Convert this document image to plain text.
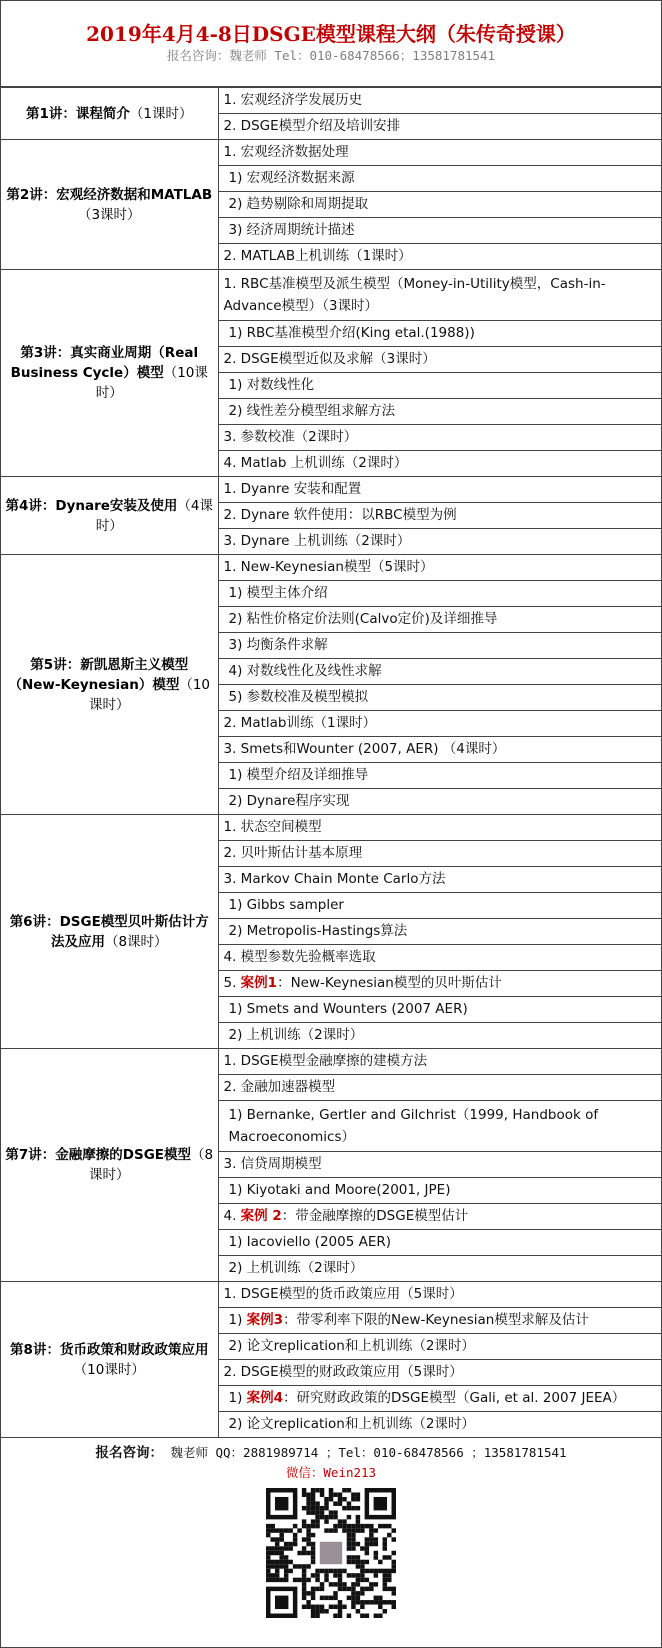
2019年4月4-8日DSGE模型课程大纲（朱传奇授课）
报名咨询：魏老师 Tel：010-68478566；13581781541
第1讲：课程简介（1课时）	1. 宏观经济学发展历史
	2. DSGE模型介绍及培训安排
第2讲：宏观经济数据和MATLAB（3课时）	1. 宏观经济数据处理
	1) 宏观经济数据来源
	2) 趋势剔除和周期提取
	3) 经济周期统计描述
	2. MATLAB上机训练（1课时）
第3讲：真实商业周期（Real Business Cycle）模型（10课时）	1. RBC基准模型及派生模型（Money-in-Utility模型，Cash-in-Advance模型）（3课时）
	1) RBC基准模型介绍(King etal.(1988))
	2. DSGE模型近似及求解（3课时）
	1) 对数线性化
	2) 线性差分模型组求解方法
	3. 参数校准（2课时）
	4. Matlab 上机训练（2课时）
第4讲：Dynare安装及使用（4课时）	1. Dyanre 安装和配置
	2. Dynare 软件使用：以RBC模型为例
	3. Dynare 上机训练（2课时）
第5讲：新凯恩斯主义模型（New-Keynesian）模型（10课时）	1. New-Keynesian模型（5课时）
	1) 模型主体介绍
	2) 粘性价格定价法则(Calvo定价)及详细推导
	3) 均衡条件求解
	4) 对数线性化及线性求解
	5) 参数校准及模型模拟
	2. Matlab训练（1课时）
	3. Smets和Wounter (2007, AER) （4课时）
	1) 模型介绍及详细推导
	2) Dynare程序实现
第6讲：DSGE模型贝叶斯估计方法及应用（8课时）	1. 状态空间模型
	2. 贝叶斯估计基本原理
	3. Markov Chain Monte Carlo方法
	1) Gibbs sampler
	2) Metropolis-Hastings算法
	4. 模型参数先验概率选取
	5. 案例1：New-Keynesian模型的贝叶斯估计
	1) Smets and Wounters (2007 AER)
	2) 上机训练（2课时）
第7讲：金融摩擦的DSGE模型（8课时）	1. DSGE模型金融摩擦的建模方法
	2. 金融加速器模型
	1) Bernanke, Gertler and Gilchrist（1999, Handbook of Macroeconomics）
	3. 信贷周期模型
	1) Kiyotaki and Moore(2001, JPE)
	4. 案例 2：带金融摩擦的DSGE模型估计
	1) Iacoviello (2005 AER)
	2) 上机训练（2课时）
第8讲：货币政策和财政政策应用（10课时）	1. DSGE模型的货币政策应用（5课时）
	1) 案例3：带零利率下限的New-Keynesian模型求解及估计
	2) 论文replication和上机训练（2课时）
	2. DSGE模型的财政政策应用（5课时）
	1) 案例4：研究财政政策的DSGE模型（Gali, et al. 2007 JEEA）
	2) 论文replication和上机训练（2课时）
报名咨询： 魏老师 QQ：2881989714 ；Tel：010-68478566 ；13581781541
微信：Wein213
